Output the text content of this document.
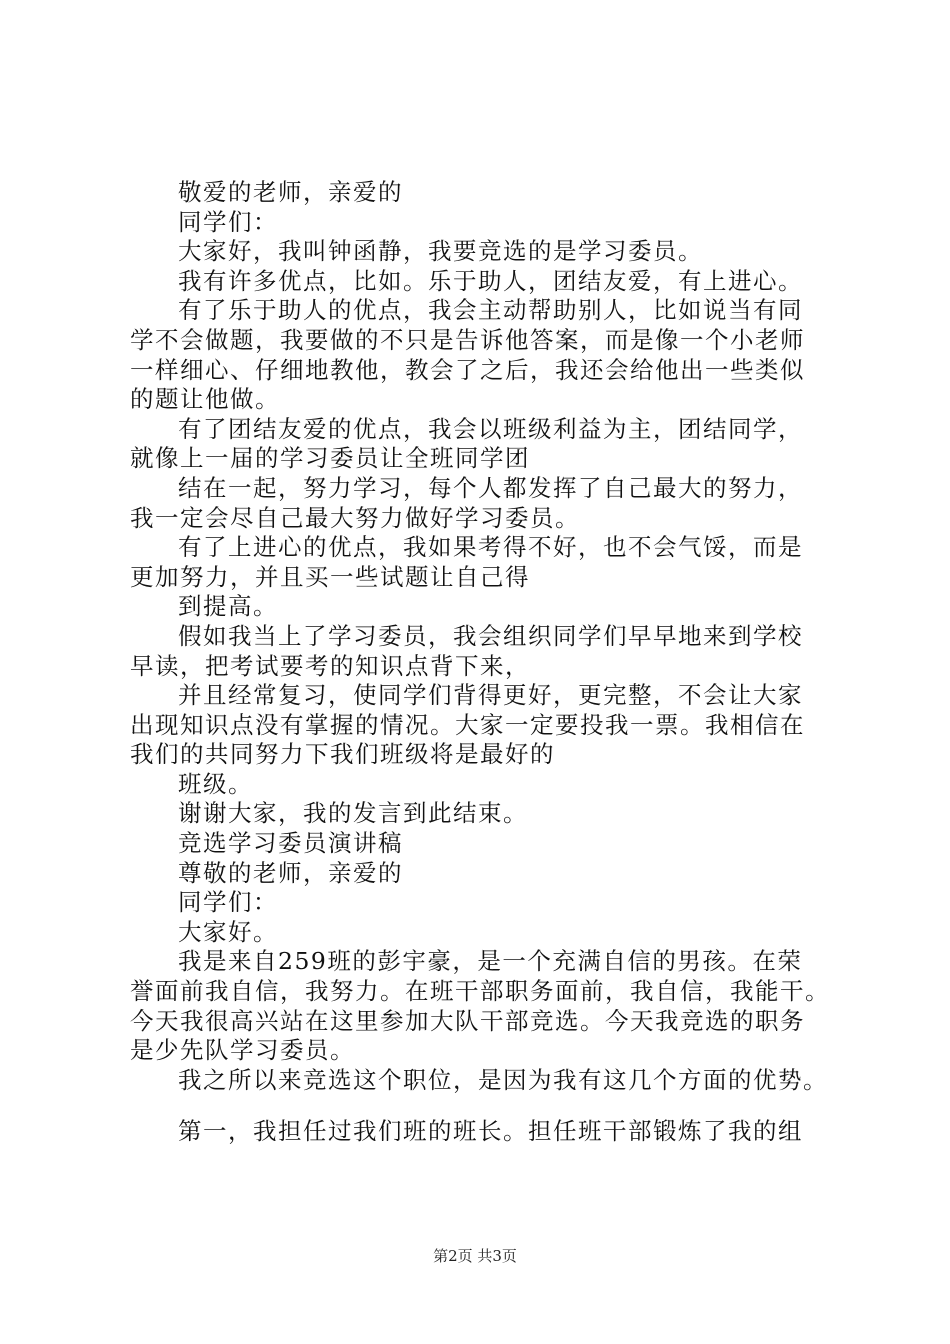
敬爱的老师，亲爱的
同学们：
大家好，我叫钟函静，我要竞选的是学习委员。
我有许多优点，比如。乐于助人，团结友爱，有上进心。
有了乐于助人的优点，我会主动帮助别人，比如说当有同
学不会做题，我要做的不只是告诉他答案，而是像一个小老师
一样细心、仔细地教他，教会了之后，我还会给他出一些类似
的题让他做。
有了团结友爱的优点，我会以班级利益为主，团结同学，
就像上一届的学习委员让全班同学团
结在一起，努力学习，每个人都发挥了自己最大的努力，
我一定会尽自己最大努力做好学习委员。
有了上进心的优点，我如果考得不好，也不会气馁，而是
更加努力，并且买一些试题让自己得
到提高。
假如我当上了学习委员，我会组织同学们早早地来到学校
早读，把考试要考的知识点背下来，
并且经常复习，使同学们背得更好，更完整，不会让大家
出现知识点没有掌握的情况。大家一定要投我一票。我相信在
我们的共同努力下我们班级将是最好的
班级。
谢谢大家，我的发言到此结束。
竞选学习委员演讲稿
尊敬的老师，亲爱的
同学们：
大家好。
我是来自259班的彭宇豪，是一个充满自信的男孩。在荣
誉面前我自信，我努力。在班干部职务面前，我自信，我能干。
今天我很高兴站在这里参加大队干部竞选。今天我竞选的职务
是少先队学习委员。
我之所以来竞选这个职位，是因为我有这几个方面的优势。
第一，我担任过我们班的班长。担任班干部锻炼了我的组
第2页 共3页
